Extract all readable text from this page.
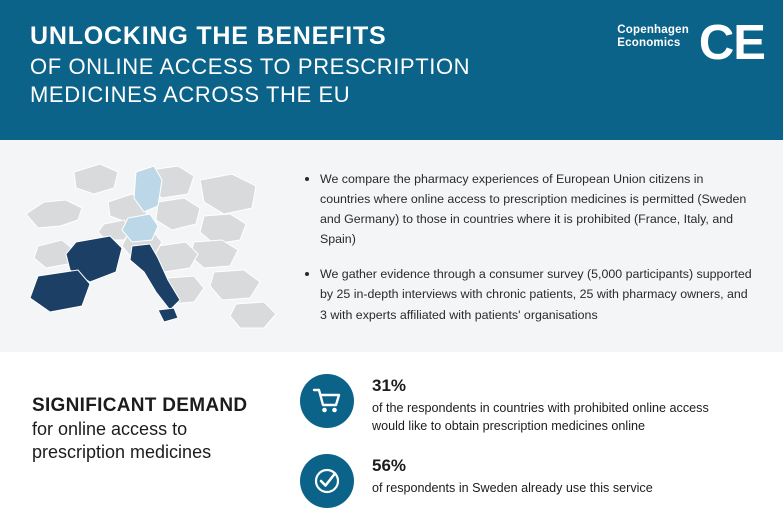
UNLOCKING THE BENEFITS
OF ONLINE ACCESS TO PRESCRIPTION
MEDICINES ACROSS THE EU
Copenhagen
Economics CE
• We compare the pharmacy experiences of European Union citizens in countries where online access to prescription medicines is permitted (Sweden and Germany) to those in countries where it is prohibited (France, Italy, and Spain)
• We gather evidence through a consumer survey (5,000 participants) supported by 25 in-depth interviews with chronic patients, 25 with pharmacy owners, and 3 with experts affiliated with patients' organisations
SIGNIFICANT DEMAND
for online access to
prescription medicines
31%
of the respondents in countries with prohibited online access
would like to obtain prescription medicines online
56%
of respondents in Sweden already use this service
